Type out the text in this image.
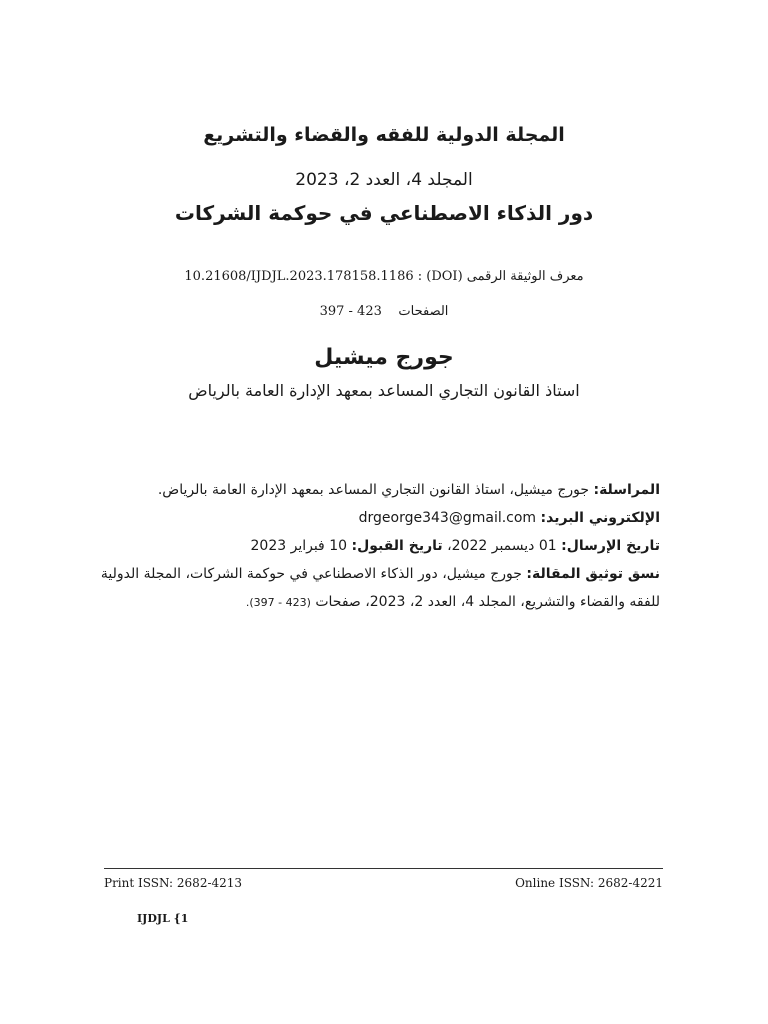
المجلة الدولية للفقه والقضاء والتشريع
المجلد 4، العدد 2، 2023
دور الذكاء الاصطناعي في حوكمة الشركات
معرف الوثيقة الرقمى (DOI) : 10.21608/IJDJL.2023.178158.1186
الصفحات    397 - 423
جورج ميشيل
استاذ القانون التجاري المساعد بمعهد الإدارة العامة بالرياض
المراسلة: جورج ميشيل، استاذ القانون التجاري المساعد بمعهد الإدارة العامة بالرياض.
الإلكتروني البريد: drgeorge343@gmail.com
تاريخ الإرسال: 01 ديسمبر 2022، تاريخ القبول: 10 فبراير 2023
نسق توثيق المقالة: جورج ميشيل، دور الذكاء الاصطناعي في حوكمة الشركات، المجلة الدولية للفقه والقضاء والتشريع، المجلد 4، العدد 2، 2023، صفحات (423 - 397).
Print ISSN: 2682-4213	Online ISSN: 2682-4221
IJDJL {1
